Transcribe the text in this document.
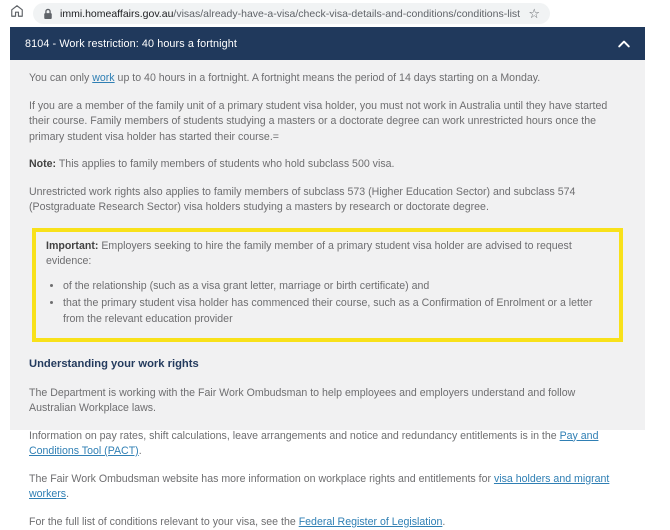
immi.homeaffairs.gov.au/visas/already-have-a-visa/check-visa-details-and-conditions/conditions-list ☆
8104 - Work restriction: 40 hours a fortnight

You can only work up to 40 hours in a fortnight. A fortnight means the period of 14 days starting on a Monday.

If you are a member of the family unit of a primary student visa holder, you must not work in Australia until they have started their course. Family members of students studying a masters or a doctorate degree can work unrestricted hours once the primary student visa holder has started their course.=

Note: This applies to family members of students who hold subclass 500 visa.

Unrestricted work rights also applies to family members of subclass 573 (Higher Education Sector) and subclass 574 (Postgraduate Research Sector) visa holders studying a masters by research or doctorate degree.

Important: Employers seeking to hire the family member of a primary student visa holder are advised to request evidence:

• of the relationship (such as a visa grant letter, marriage or birth certificate) and
• that the primary student visa holder has commenced their course, such as a Confirmation of Enrolment or a letter from the relevant education provider
Understanding your work rights

The Department is working with the Fair Work Ombudsman to help employees and employers understand and follow Australian Workplace laws.

Information on pay rates, shift calculations, leave arrangements and notice and redundancy entitlements is in the Pay and Conditions Tool (PACT).

The Fair Work Ombudsman website has more information on workplace rights and entitlements for visa holders and migrant workers.

For the full list of conditions relevant to your visa, see the Federal Register of Legislation.
